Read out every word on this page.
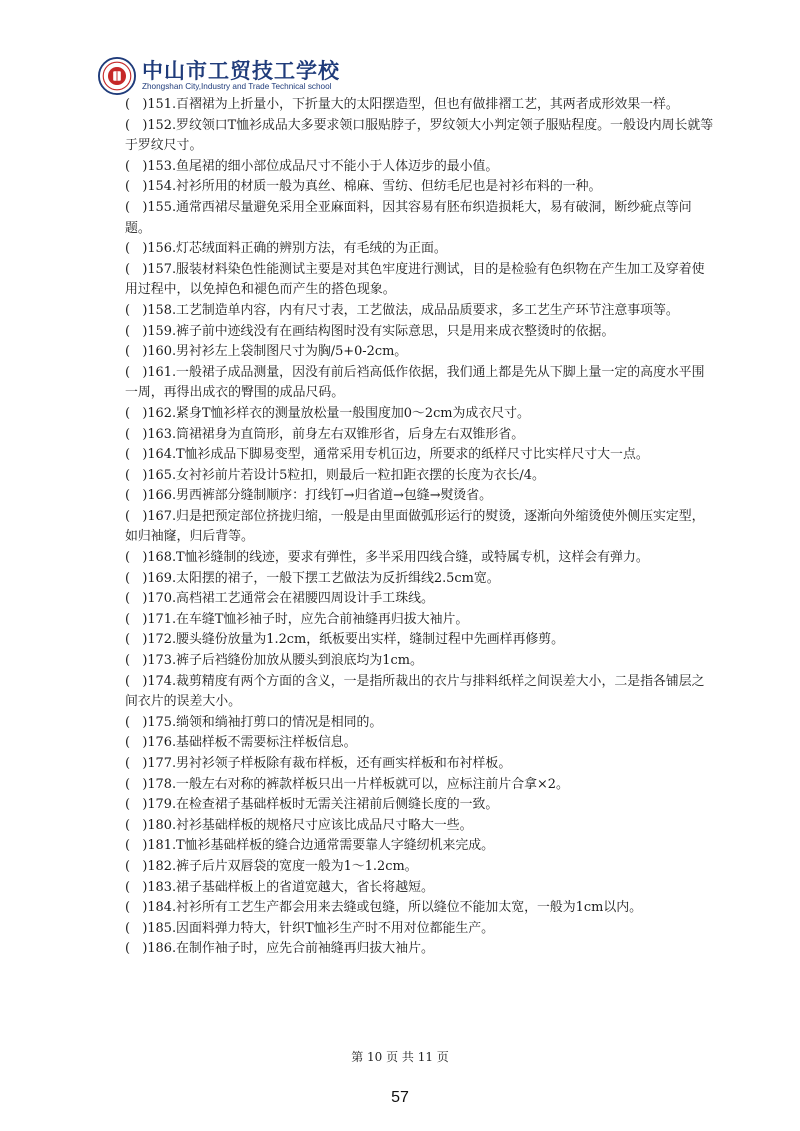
中山市工贸技工学校
Zhongshan City,Industry and Trade Technical school
(   )151.百褶裙为上折量小，下折量大的太阳摆造型，但也有做排褶工艺，其两者成形效果一样。
(   )152.罗纹领口T恤衫成品大多要求领口服贴脖子，罗纹领大小判定领子服贴程度。一般设内周长就等于罗纹尺寸。
(   )153.鱼尾裙的细小部位成品尺寸不能小于人体迈步的最小值。
(   )154.衬衫所用的材质一般为真丝、棉麻、雪纺、但纺毛尼也是衬衫布料的一种。
(   )155.通常西裙尽量避免采用全亚麻面料，因其容易有胚布织造损耗大，易有破洞，断纱疵点等问题。
(   )156.灯芯绒面料正确的辨别方法，有毛绒的为正面。
(   )157.服装材料染色性能测试主要是对其色牢度进行测试，目的是检验有色织物在产生加工及穿着使用过程中，以免掉色和褪色而产生的搭色现象。
(   )158.工艺制造单内容，内有尺寸表，工艺做法，成品品质要求，多工艺生产环节注意事项等。
(   )159.裤子前中迹线没有在画结构图时没有实际意思，只是用来成衣整烫时的依据。
(   )160.男衬衫左上袋制图尺寸为胸/5+0-2cm。
(   )161.一般裙子成品测量，因没有前后裆高低作依据，我们通上都是先从下脚上量一定的高度水平围一周，再得出成衣的臀围的成品尺码。
(   )162.紧身T恤衫样衣的测量放松量一般围度加0～2cm为成衣尺寸。
(   )163.筒裙裙身为直筒形，前身左右双锥形省，后身左右双锥形省。
(   )164.T恤衫成品下脚易变型，通常采用专机冚边，所要求的纸样尺寸比实样尺寸大一点。
(   )165.女衬衫前片若设计5粒扣，则最后一粒扣距衣摆的长度为衣长/4。
(   )166.男西裤部分缝制顺序：打线钉→归省道→包缝→熨烫省。
(   )167.归是把预定部位挤拢归缩，一般是由里面做弧形运行的熨烫，逐渐向外缩烫使外侧压实定型，如归袖窿，归后背等。
(   )168.T恤衫缝制的线迹，要求有弹性，多半采用四线合缝，或特属专机，这样会有弹力。
(   )169.太阳摆的裙子，一般下摆工艺做法为反折缉线2.5cm宽。
(   )170.高档裙工艺通常会在裙腰四周设计手工珠线。
(   )171.在车缝T恤衫袖子时，应先合前袖缝再归拔大袖片。
(   )172.腰头缝份放量为1.2cm，纸板要出实样，缝制过程中先画样再修剪。
(   )173.裤子后裆缝份加放从腰头到浪底均为1cm。
(   )174.裁剪精度有两个方面的含义，一是指所裁出的衣片与排料纸样之间误差大小，二是指各铺层之间衣片的误差大小。
(   )175.绱领和绱袖打剪口的情况是相同的。
(   )176.基础样板不需要标注样板信息。
(   )177.男衬衫领子样板除有裁布样板，还有画实样板和布衬样板。
(   )178.一般左右对称的裤款样板只出一片样板就可以，应标注前片合拿×2。
(   )179.在检查裙子基础样板时无需关注裙前后侧缝长度的一致。
(   )180.衬衫基础样板的规格尺寸应该比成品尺寸略大一些。
(   )181.T恤衫基础样板的缝合边通常需要靠人字缝纫机来完成。
(   )182.裤子后片双唇袋的宽度一般为1～1.2cm。
(   )183.裙子基础样板上的省道宽越大，省长将越短。
(   )184.衬衫所有工艺生产都会用来去缝或包缝，所以缝位不能加太宽，一般为1cm以内。
(   )185.因面料弹力特大，针织T恤衫生产时不用对位都能生产。
(   )186.在制作袖子时，应先合前袖缝再归拔大袖片。
第 10 页 共 11 页
57
